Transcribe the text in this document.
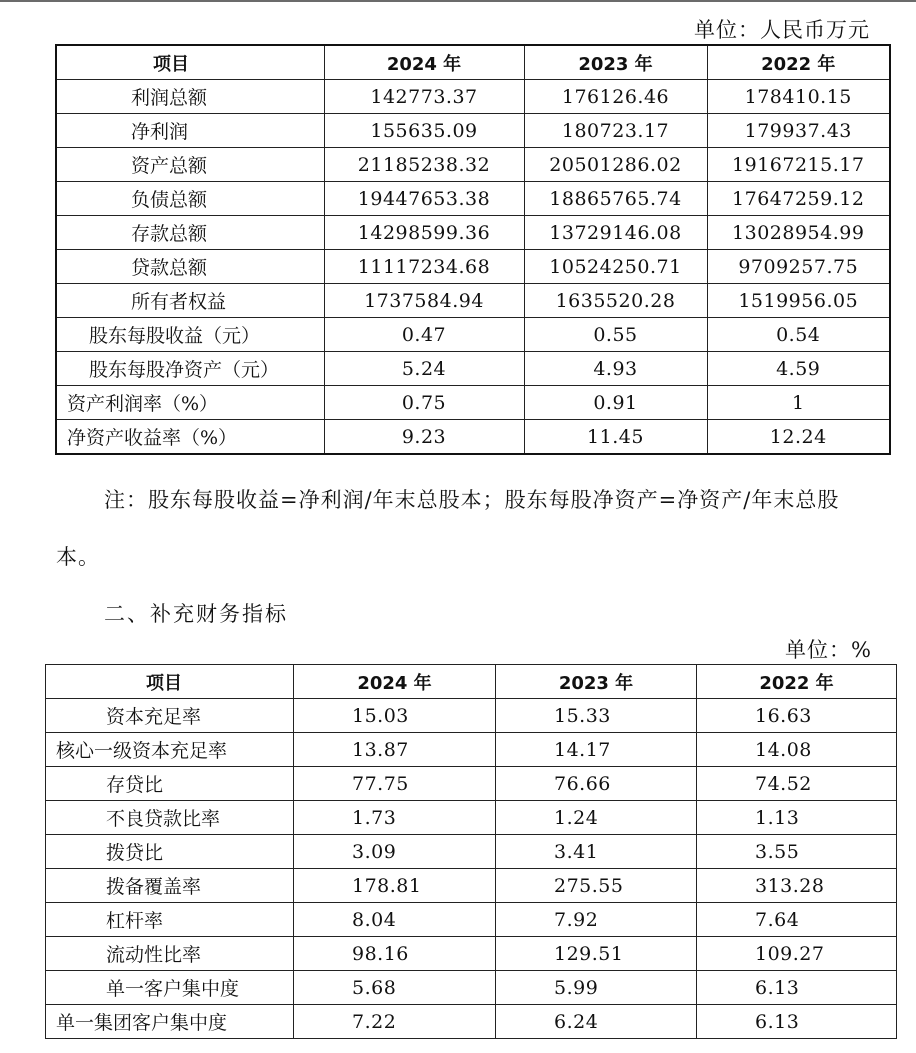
单位：人民币万元
项目	2024 年	2023 年	2022 年
利润总额	142773.37	176126.46	178410.15
净利润	155635.09	180723.17	179937.43
资产总额	21185238.32	20501286.02	19167215.17
负债总额	19447653.38	18865765.74	17647259.12
存款总额	14298599.36	13729146.08	13028954.99
贷款总额	11117234.68	10524250.71	9709257.75
所有者权益	1737584.94	1635520.28	1519956.05
股东每股收益（元）	0.47	0.55	0.54
股东每股净资产（元）	5.24	4.93	4.59
资产利润率（%）	0.75	0.91	1
净资产收益率（%）	9.23	11.45	12.24
注：股东每股收益=净利润/年末总股本；股东每股净资产=净资产/年末总股
本。
二、补充财务指标
单位：%
项目	2024 年	2023 年	2022 年
资本充足率	15.03	15.33	16.63
核心一级资本充足率	13.87	14.17	14.08
存贷比	77.75	76.66	74.52
不良贷款比率	1.73	1.24	1.13
拨贷比	3.09	3.41	3.55
拨备覆盖率	178.81	275.55	313.28
杠杆率	8.04	7.92	7.64
流动性比率	98.16	129.51	109.27
单一客户集中度	5.68	5.99	6.13
单一集团客户集中度	7.22	6.24	6.13
